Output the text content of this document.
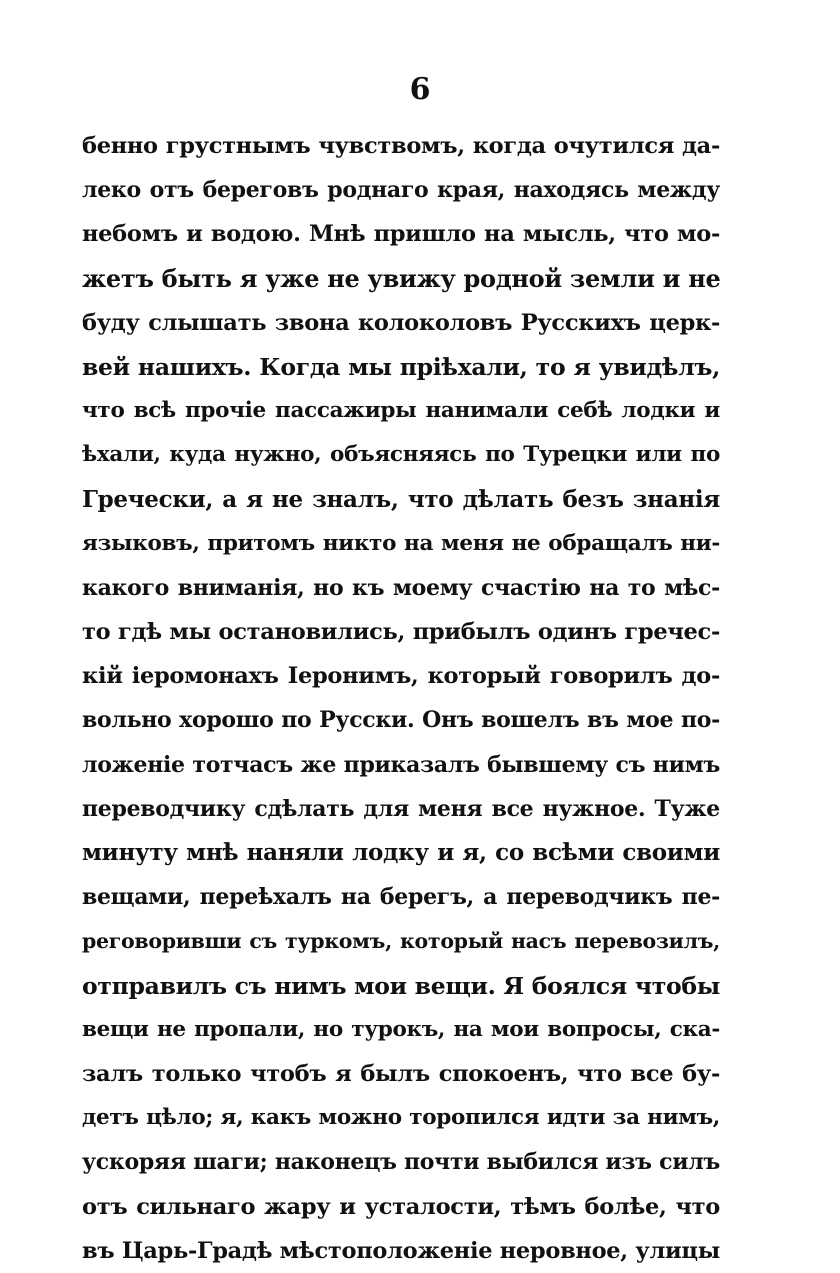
6
бенно грустнымъ чувствомъ, когда очутился да-
леко отъ береговъ роднаго края, находясь между
небомъ и водою. Мнѣ пришло на мысль, что мо-
жетъ быть я уже не увижу родной земли и не
буду слышать звона колоколовъ Русскихъ церк-
вей нашихъ. Когда мы пріѣхали, то я увидѣлъ,
что всѣ прочіе пассажиры нанимали себѣ лодки и
ѣхали, куда нужно, объясняясь по Турецки или по
Гречески, а я не зналъ, что дѣлать безъ знанія
языковъ, притомъ никто на меня не обращалъ ни-
какого вниманія, но къ моему счастію на то мѣс-
то гдѣ мы остановились, прибылъ одинъ гречес-
кій іеромонахъ Іеронимъ, который говорилъ до-
вольно хорошо по Русски. Онъ вошелъ въ мое по-
ложеніе тотчасъ же приказалъ бывшему съ нимъ
переводчику сдѣлать для меня все нужное. Туже
минуту мнѣ наняли лодку и я, со всѣми своими
вещами, переѣхалъ на берегъ, а переводчикъ пе-
реговоривши съ туркомъ, который насъ перевозилъ,
отправилъ съ нимъ мои вещи. Я боялся чтобы
вещи не пропали, но турокъ, на мои вопросы, ска-
залъ только чтобъ я былъ спокоенъ, что все бу-
детъ цѣло; я, какъ можно торопился идти за нимъ,
ускоряя шаги; наконецъ почти выбился изъ силъ
отъ сильнаго жару и усталости, тѣмъ болѣе, что
въ Царь-Градѣ мѣстоположеніе неровное, улицы
